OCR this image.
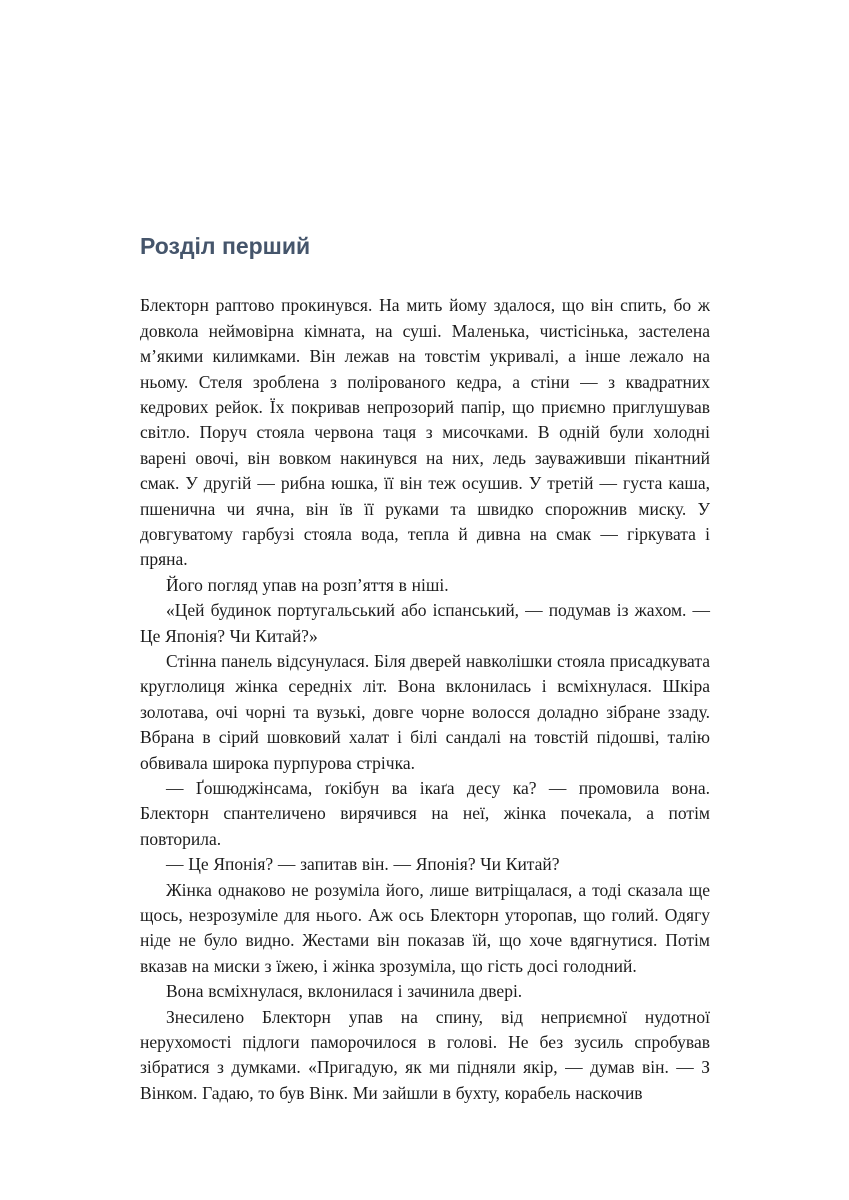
Розділ перший

Блекторн раптово прокинувся. На мить йому здалося, що він спить, бо ж довкола неймовірна кімната, на суші. Маленька, чистісінька, застелена м’якими килимками. Він лежав на товстім укривалі, а інше лежало на ньому. Стеля зроблена з полірованого кедра, а стіни — з квадратних кедрових рейок. Їх покривав непрозорий папір, що приємно приглушував світло. Поруч стояла червона таця з мисочками. В одній були холодні варені овочі, він вовком накинувся на них, ледь зауваживши пікантний смак. У другій — рибна юшка, її він теж осушив. У третій — густа каша, пшенична чи ячна, він їв її руками та швидко спорожнив миску. У довгуватому гарбузі стояла вода, тепла й дивна на смак — гіркувата і пряна.

Його погляд упав на розп’яття в ніші.

«Цей будинок португальський або іспанський, — подумав із жахом. — Це Японія? Чи Китай?»

Стінна панель відсунулася. Біля дверей навколішки стояла присадкувата круглолиця жінка середніх літ. Вона вклонилась і всміхнулася. Шкіра золотава, очі чорні та вузькі, довге чорне волосся доладно зібране ззаду. Вбрана в сірий шовковий халат і білі сандалі на товстій підошві, талію обвивала широка пурпурова стрічка.

— Ґошюджінсама, ґокібун ва ікаґа десу ка? — промовила вона. Блекторн спантеличено вирячився на неї, жінка почекала, а потім повторила.

— Це Японія? — запитав він. — Японія? Чи Китай?

Жінка однаково не розуміла його, лише витріщалася, а тоді сказала ще щось, незрозуміле для нього. Аж ось Блекторн уторопав, що голий. Одягу ніде не було видно. Жестами він показав їй, що хоче вдягнутися. Потім вказав на миски з їжею, і жінка зрозуміла, що гість досі голодний.

Вона всміхнулася, вклонилася і зачинила двері.

Знесилено Блекторн упав на спину, від неприємної нудотної нерухомості підлоги паморочилося в голові. Не без зусиль спробував зібратися з думками. «Пригадую, як ми підняли якір, — думав він. — З Вінком. Гадаю, то був Вінк. Ми зайшли в бухту, корабель наскочив
